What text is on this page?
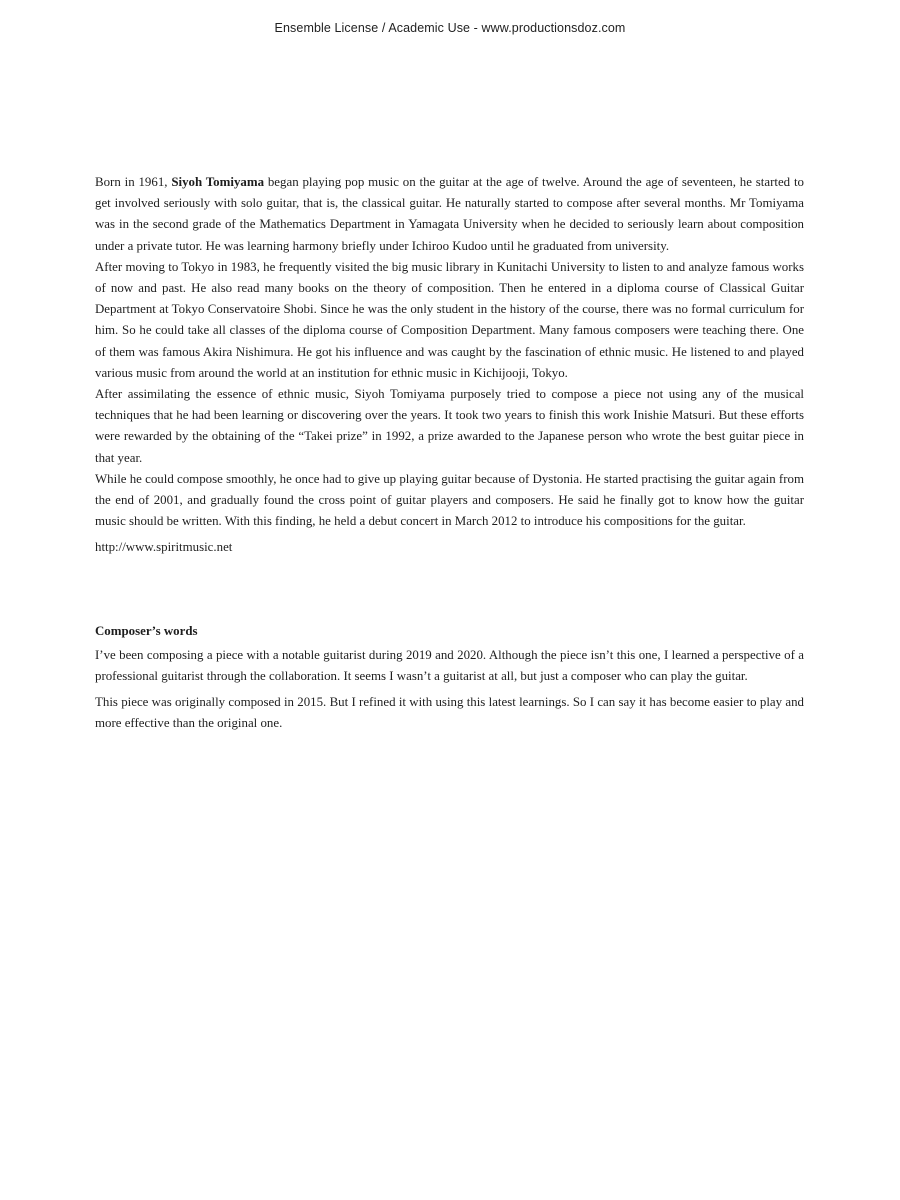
Ensemble License / Academic Use - www.productionsdoz.com

Born in 1961, Siyoh Tomiyama began playing pop music on the guitar at the age of twelve. Around the age of seventeen, he started to get involved seriously with solo guitar, that is, the classical guitar. He naturally started to compose after several months. Mr Tomiyama was in the second grade of the Mathematics Department in Yamagata University when he decided to seriously learn about composition under a private tutor. He was learning harmony briefly under Ichiroo Kudoo until he graduated from university.

After moving to Tokyo in 1983, he frequently visited the big music library in Kunitachi University to listen to and analyze famous works of now and past. He also read many books on the theory of composition. Then he entered in a diploma course of Classical Guitar Department at Tokyo Conservatoire Shobi. Since he was the only student in the history of the course, there was no formal curriculum for him. So he could take all classes of the diploma course of Composition Department. Many famous composers were teaching there. One of them was famous Akira Nishimura. He got his influence and was caught by the fascination of ethnic music. He listened to and played various music from around the world at an institution for ethnic music in Kichijooji, Tokyo.

After assimilating the essence of ethnic music, Siyoh Tomiyama purposely tried to compose a piece not using any of the musical techniques that he had been learning or discovering over the years. It took two years to finish this work Inishie Matsuri. But these efforts were rewarded by the obtaining of the “Takei prize” in 1992, a prize awarded to the Japanese person who wrote the best guitar piece in that year.

While he could compose smoothly, he once had to give up playing guitar because of Dystonia. He started practising the guitar again from the end of 2001, and gradually found the cross point of guitar players and composers. He said he finally got to know how the guitar music should be written. With this finding, he held a debut concert in March 2012 to introduce his compositions for the guitar.

http://www.spiritmusic.net

Composer’s words

I’ve been composing a piece with a notable guitarist during 2019 and 2020. Although the piece isn’t this one, I learned a perspective of a professional guitarist through the collaboration. It seems I wasn’t a guitarist at all, but just a composer who can play the guitar.

This piece was originally composed in 2015. But I refined it with using this latest learnings. So I can say it has become easier to play and more effective than the original one.
